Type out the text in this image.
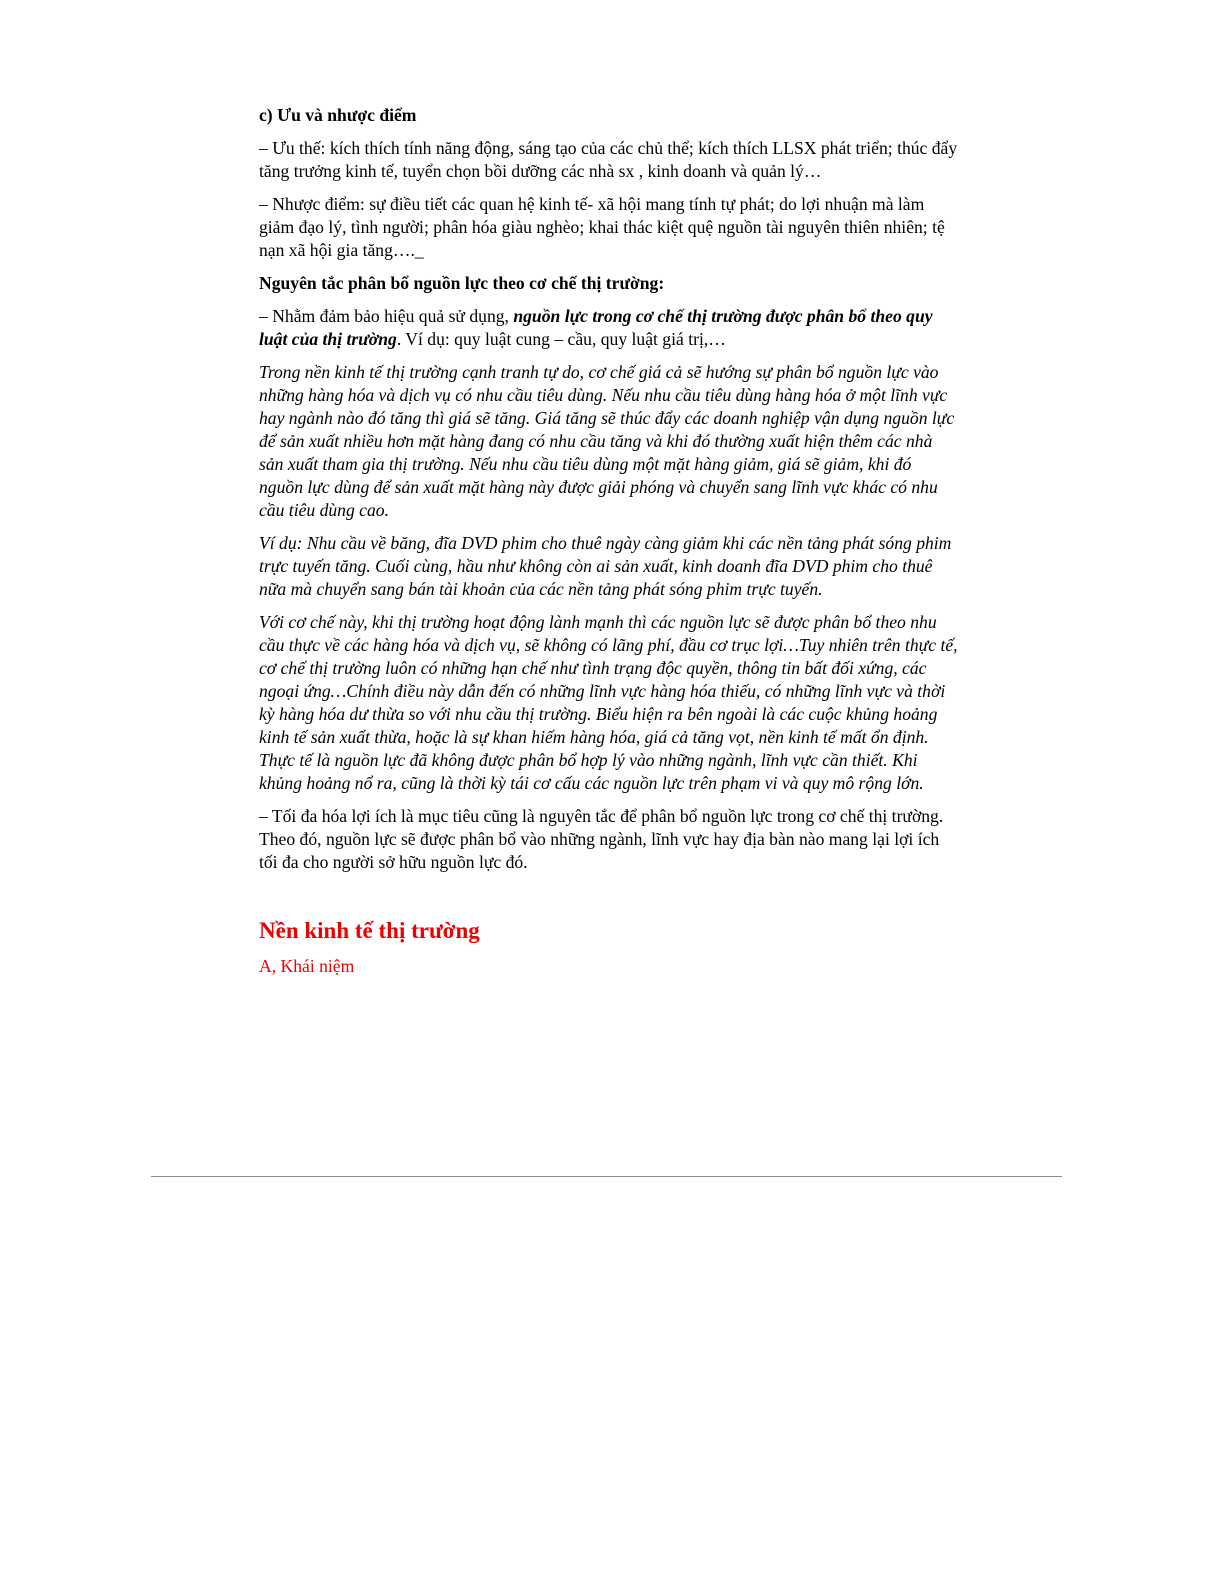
c) Ưu và nhược điểm

– Ưu thế: kích thích tính năng động, sáng tạo của các chủ thể; kích thích LLSX phát triển; thúc đẩy tăng trưởng kinh tế, tuyển chọn bồi dưỡng các nhà sx , kinh doanh và quản lý…

– Nhược điểm: sự điều tiết các quan hệ kinh tế- xã hội mang tính tự phát; do lợi nhuận mà làm giảm đạo lý, tình người; phân hóa giàu nghèo; khai thác kiệt quệ nguồn tài nguyên thiên nhiên; tệ nạn xã hội gia tăng…._

Nguyên tắc phân bổ nguồn lực theo cơ chế thị trường:

– Nhằm đảm bảo hiệu quả sử dụng, nguồn lực trong cơ chế thị trường được phân bổ theo quy luật của thị trường. Ví dụ: quy luật cung – cầu, quy luật giá trị,…

Trong nền kinh tế thị trường cạnh tranh tự do, cơ chế giá cả sẽ hướng sự phân bổ nguồn lực vào những hàng hóa và dịch vụ có nhu cầu tiêu dùng. Nếu nhu cầu tiêu dùng hàng hóa ở một lĩnh vực hay ngành nào đó tăng thì giá sẽ tăng. Giá tăng sẽ thúc đẩy các doanh nghiệp vận dụng nguồn lực để sản xuất nhiều hơn mặt hàng đang có nhu cầu tăng và khi đó thường xuất hiện thêm các nhà sản xuất tham gia thị trường. Nếu nhu cầu tiêu dùng một mặt hàng giảm, giá sẽ giảm, khi đó nguồn lực dùng để sản xuất mặt hàng này được giải phóng và chuyển sang lĩnh vực khác có nhu cầu tiêu dùng cao.

Ví dụ: Nhu cầu về băng, đĩa DVD phim cho thuê ngày càng giảm khi các nền tảng phát sóng phim trực tuyến tăng. Cuối cùng, hầu như không còn ai sản xuất, kinh doanh đĩa DVD phim cho thuê nữa mà chuyển sang bán tài khoản của các nền tảng phát sóng phim trực tuyến.

Với cơ chế này, khi thị trường hoạt động lành mạnh thì các nguồn lực sẽ được phân bổ theo nhu cầu thực về các hàng hóa và dịch vụ, sẽ không có lãng phí, đầu cơ trục lợi…Tuy nhiên trên thực tế, cơ chế thị trường luôn có những hạn chế như tình trạng độc quyền, thông tin bất đối xứng, các ngoại ứng…Chính điều này dẫn đến có những lĩnh vực hàng hóa thiếu, có những lĩnh vực và thời kỳ hàng hóa dư thừa so với nhu cầu thị trường. Biểu hiện ra bên ngoài là các cuộc khủng hoảng kinh tế sản xuất thừa, hoặc là sự khan hiếm hàng hóa, giá cả tăng vọt, nền kinh tế mất ổn định. Thực tế là nguồn lực đã không được phân bổ hợp lý vào những ngành, lĩnh vực cần thiết. Khi khủng hoảng nổ ra, cũng là thời kỳ tái cơ cấu các nguồn lực trên phạm vi và quy mô rộng lớn.

– Tối đa hóa lợi ích là mục tiêu cũng là nguyên tắc để phân bổ nguồn lực trong cơ chế thị trường. Theo đó, nguồn lực sẽ được phân bổ vào những ngành, lĩnh vực hay địa bàn nào mang lại lợi ích tối đa cho người sở hữu nguồn lực đó.

Nền kinh tế thị trường

A, Khái niệm
